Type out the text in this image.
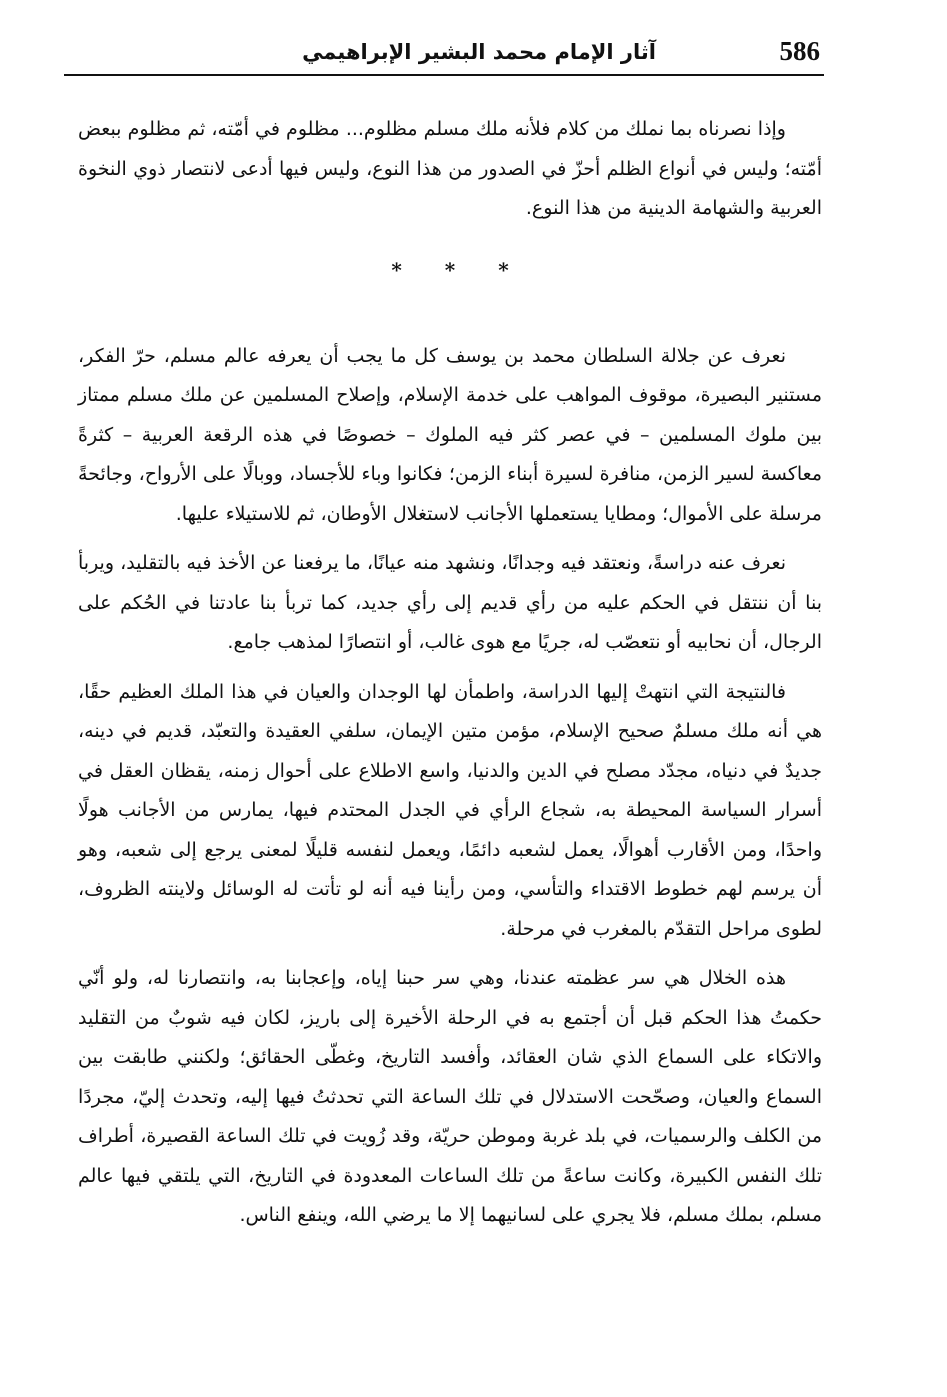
586
آثار الإمام محمد البشير الإبراهيمي

وإذا نصرناه بما نملك من كلام فلأنه ملك مسلم مظلوم... مظلوم في أمّته، ثم مظلوم ببعض أمّته؛ وليس في أنواع الظلم أحزّ في الصدور من هذا النوع، وليس فيها أدعى لانتصار ذوي النخوة العربية والشهامة الدينية من هذا النوع.

* * *

نعرف عن جلالة السلطان محمد بن يوسف كل ما يجب أن يعرفه عالم مسلم، حرّ الفكر، مستنير البصيرة، موقوف المواهب على خدمة الإسلام، وإصلاح المسلمين عن ملك مسلم ممتاز بين ملوك المسلمين – في عصر كثر فيه الملوك – خصوصًا في هذه الرقعة العربية – كثرةً معاكسة لسير الزمن، منافرة لسيرة أبناء الزمن؛ فكانوا وباء للأجساد، ووبالًا على الأرواح، وجائحةً مرسلة على الأموال؛ ومطايا يستعملها الأجانب لاستغلال الأوطان، ثم للاستيلاء عليها.

نعرف عنه دراسةً، ونعتقد فيه وجدانًا، ونشهد منه عيانًا، ما يرفعنا عن الأخذ فيه بالتقليد، ويربأ بنا أن ننتقل في الحكم عليه من رأي قديم إلى رأي جديد، كما تربأ بنا عادتنا في الحُكم على الرجال، أن نحابيه أو نتعصّب له، جريًا مع هوى غالب، أو انتصارًا لمذهب جامع.

فالنتيجة التي انتهتْ إليها الدراسة، واطمأن لها الوجدان والعيان في هذا الملك العظيم حقًا، هي أنه ملك مسلمٌ صحيح الإسلام، مؤمن متين الإيمان، سلفي العقيدة والتعبّد، قديم في دينه، جديدٌ في دنياه، مجدّد مصلح في الدين والدنيا، واسع الاطلاع على أحوال زمنه، يقظان العقل في أسرار السياسة المحيطة به، شجاع الرأي في الجدل المحتدم فيها، يمارس من الأجانب هولًا واحدًا، ومن الأقارب أهوالًا، يعمل لشعبه دائمًا، ويعمل لنفسه قليلًا لمعنى يرجع إلى شعبه، وهو أن يرسم لهم خطوط الاقتداء والتأسي، ومن رأينا فيه أنه لو تأتت له الوسائل ولاينته الظروف، لطوى مراحل التقدّم بالمغرب في مرحلة.

هذه الخلال هي سر عظمته عندنا، وهي سر حبنا إياه، وإعجابنا به، وانتصارنا له، ولو أنّي حكمتُ هذا الحكم قبل أن أجتمع به في الرحلة الأخيرة إلى باريز، لكان فيه شوبٌ من التقليد والاتكاء على السماع الذي شان العقائد، وأفسد التاريخ، وغطّى الحقائق؛ ولكنني طابقت بين السماع والعيان، وصحّحت الاستدلال في تلك الساعة التي تحدثتُ فيها إليه، وتحدث إليّ، مجردًا من الكلف والرسميات، في بلد غربة وموطن حريّة، وقد زُويت في تلك الساعة القصيرة، أطراف تلك النفس الكبيرة، وكانت ساعةً من تلك الساعات المعدودة في التاريخ، التي يلتقي فيها عالم مسلم، بملك مسلم، فلا يجري على لسانيهما إلا ما يرضي الله، وينفع الناس.
